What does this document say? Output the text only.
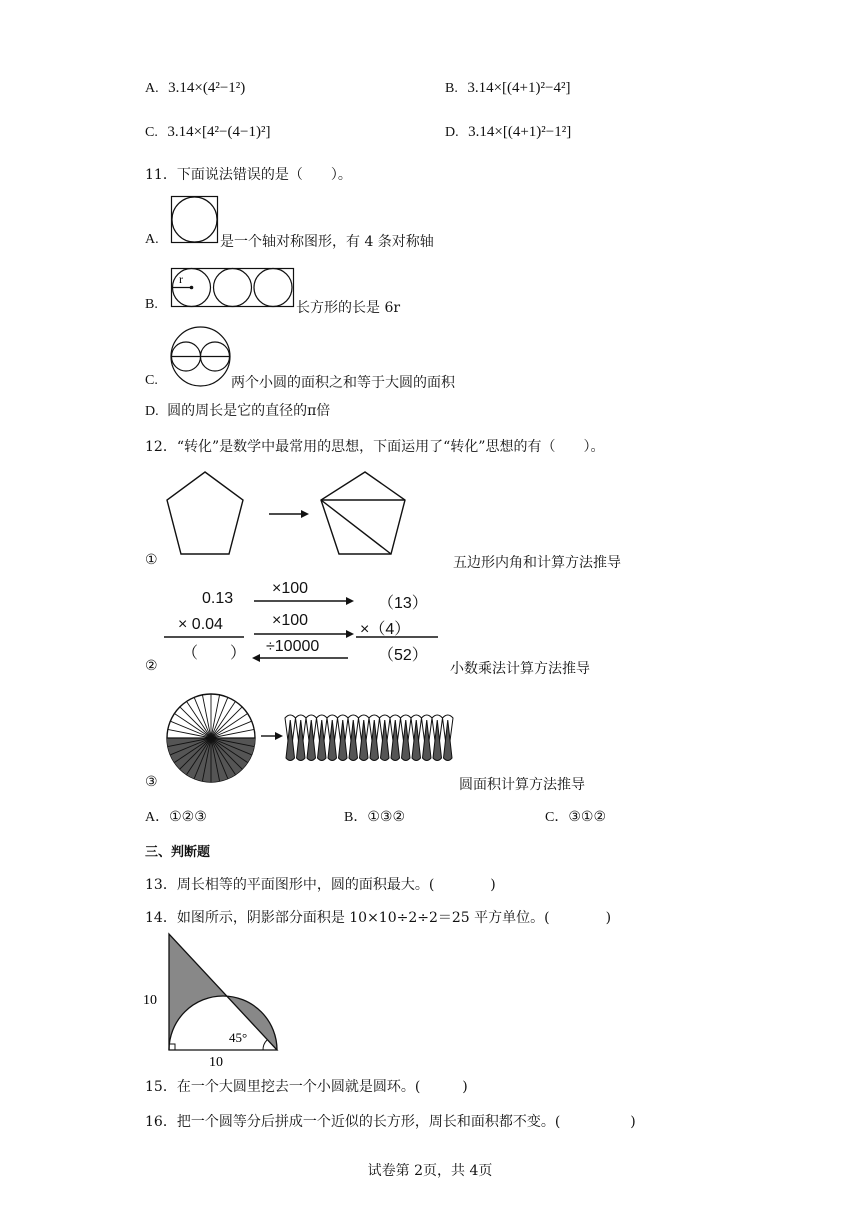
A. 3.14×(4²−1²)	B. 3.14×[(4+1)²−4²]
C. 3.14×[4²−(4−1)²]	D. 3.14×[(4+1)²−1²]
11．下面说法错误的是（　　）。
A.	是一个轴对称图形，有 4 条对称轴
B.
r
长方形的长是 6r
C.	两个小圆的面积之和等于大圆的面积
D. 圆的周长是它的直径的π倍
12．“转化”是数学中最常用的思想，下面运用了“转化”思想的有（　　）。
①	五边形内角和计算方法推导
0.13
× 0.04
（　　）
×100
×100
÷10000
（13）
×（4）
（52）
②	小数乘法计算方法推导
③	圆面积计算方法推导
A．①②③	B．①③②	C．③①②
三、判断题
13．周长相等的平面图形中，圆的面积最大。(　　　　)
14．如图所示，阴影部分面积是 10×10÷2÷2＝25 平方单位。(　　　　)
10
10
45°
15．在一个大圆里挖去一个小圆就是圆环。(　　　)
16．把一个圆等分后拼成一个近似的长方形，周长和面积都不变。(　　　　　)
试卷第 2页，共 4页
